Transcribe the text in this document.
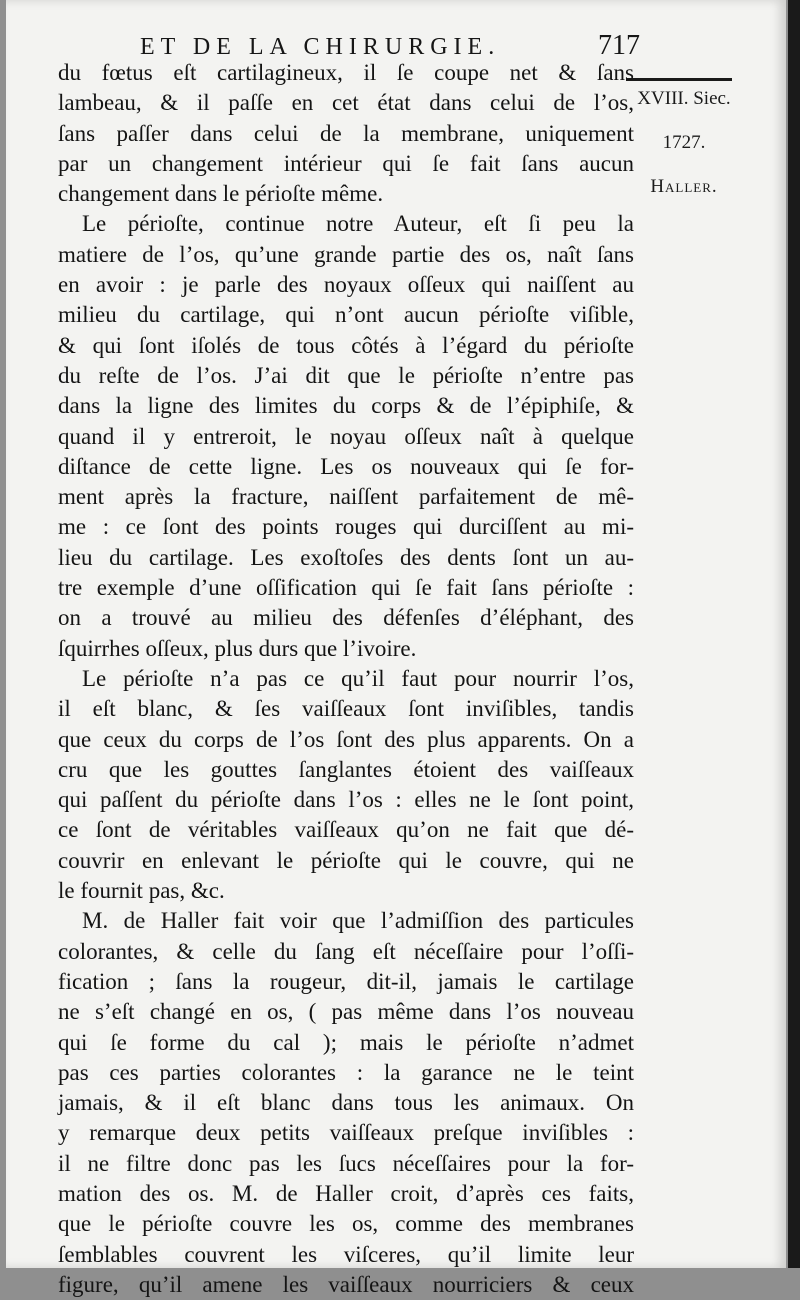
ET DE LA CHIRURGIE.	717
XVIII. Siec.
1727.
Haller.
du fœtus eſt cartilagineux, il ſe coupe net & ſans
lambeau, & il paſſe en cet état dans celui de l’os,
ſans paſſer dans celui de la membrane, uniquement
par un changement intérieur qui ſe fait ſans aucun
changement dans le périoſte même.
Le périoſte, continue notre Auteur, eſt ſi peu la
matiere de l’os, qu’une grande partie des os, naît ſans
en avoir : je parle des noyaux oſſeux qui naiſſent au
milieu du cartilage, qui n’ont aucun périoſte viſible,
& qui ſont iſolés de tous côtés à l’égard du périoſte
du reſte de l’os. J’ai dit que le périoſte n’entre pas
dans la ligne des limites du corps & de l’épiphiſe, &
quand il y entreroit, le noyau oſſeux naît à quelque
diſtance de cette ligne. Les os nouveaux qui ſe for-
ment après la fracture, naiſſent parfaitement de mê-
me : ce ſont des points rouges qui durciſſent au mi-
lieu du cartilage. Les exoſtoſes des dents ſont un au-
tre exemple d’une oſſification qui ſe fait ſans périoſte :
on a trouvé au milieu des défenſes d’éléphant, des
ſquirrhes oſſeux, plus durs que l’ivoire.
Le périoſte n’a pas ce qu’il faut pour nourrir l’os,
il eſt blanc, & ſes vaiſſeaux ſont inviſibles, tandis
que ceux du corps de l’os ſont des plus apparents. On a
cru que les gouttes ſanglantes étoient des vaiſſeaux
qui paſſent du périoſte dans l’os : elles ne le ſont point,
ce ſont de véritables vaiſſeaux qu’on ne fait que dé-
couvrir en enlevant le périoſte qui le couvre, qui ne
le fournit pas, &c.
M. de Haller fait voir que l’admiſſion des particules
colorantes, & celle du ſang eſt néceſſaire pour l’oſſi-
fication ; ſans la rougeur, dit-il, jamais le cartilage
ne s’eſt changé en os, ( pas même dans l’os nouveau
qui ſe forme du cal ); mais le périoſte n’admet
pas ces parties colorantes : la garance ne le teint
jamais, & il eſt blanc dans tous les animaux. On
y remarque deux petits vaiſſeaux preſque inviſibles :
il ne filtre donc pas les ſucs néceſſaires pour la for-
mation des os. M. de Haller croit, d’après ces faits,
que le périoſte couvre les os, comme des membranes
ſemblables couvrent les viſceres, qu’il limite leur
figure, qu’il amene les vaiſſeaux nourriciers & ceux
